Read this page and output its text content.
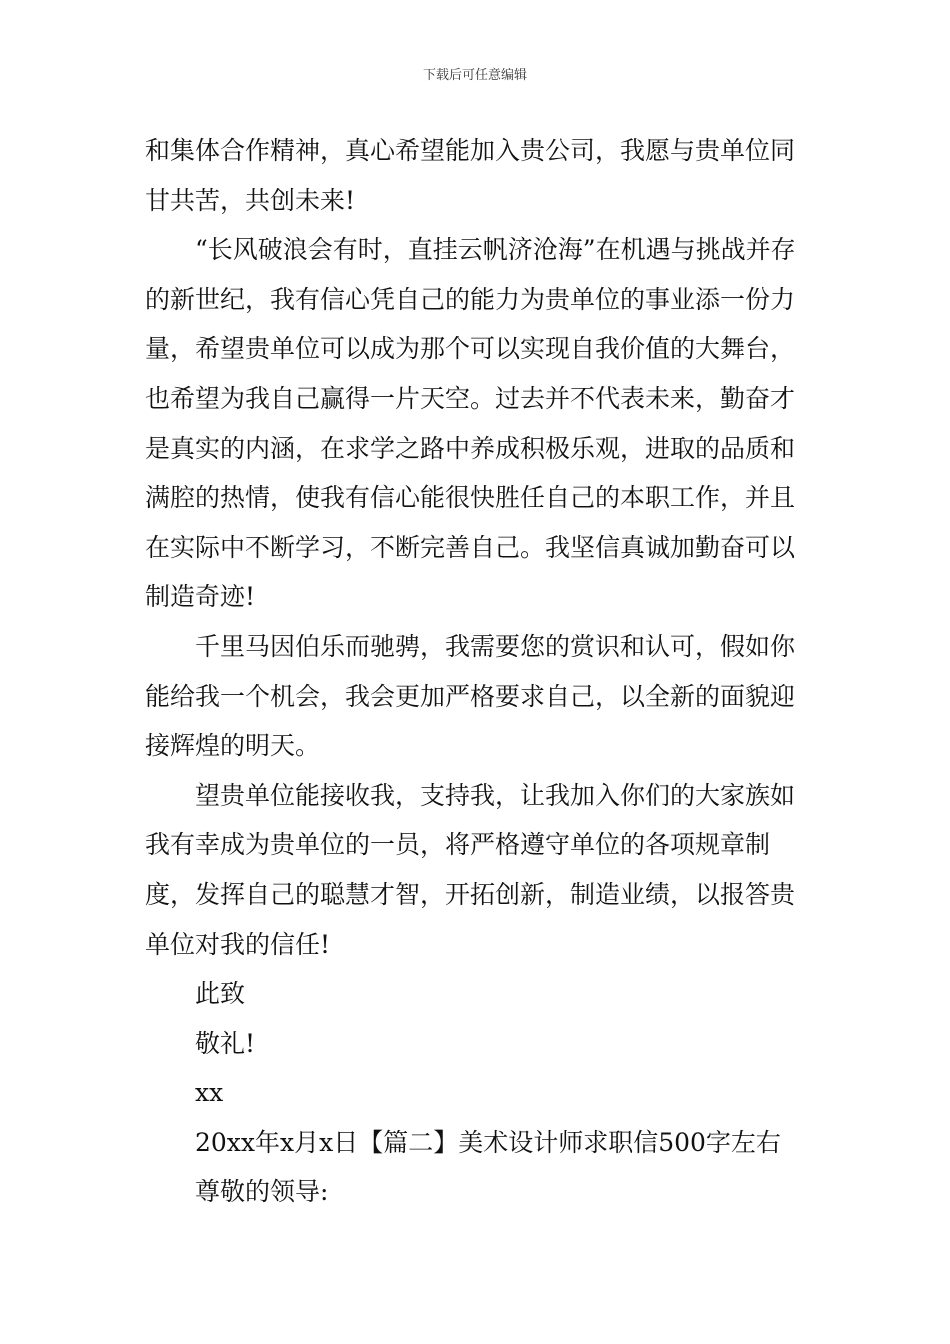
下载后可任意编辑

和集体合作精神，真心希望能加入贵公司，我愿与贵单位同甘共苦，共创未来!

“长风破浪会有时，直挂云帆济沧海”在机遇与挑战并存的新世纪，我有信心凭自己的能力为贵单位的事业添一份力量，希望贵单位可以成为那个可以实现自我价值的大舞台，也希望为我自己赢得一片天空。过去并不代表未来，勤奋才是真实的内涵，在求学之路中养成积极乐观，进取的品质和满腔的热情，使我有信心能很快胜任自己的本职工作，并且在实际中不断学习，不断完善自己。我坚信真诚加勤奋可以制造奇迹!

千里马因伯乐而驰骋，我需要您的赏识和认可，假如你能给我一个机会，我会更加严格要求自己，以全新的面貌迎接辉煌的明天。

望贵单位能接收我，支持我，让我加入你们的大家族如我有幸成为贵单位的一员，将严格遵守单位的各项规章制度，发挥自己的聪慧才智，开拓创新，制造业绩，以报答贵单位对我的信任!

此致

敬礼!

xx

20xx年x月x日【篇二】美术设计师求职信500字左右

尊敬的领导:
